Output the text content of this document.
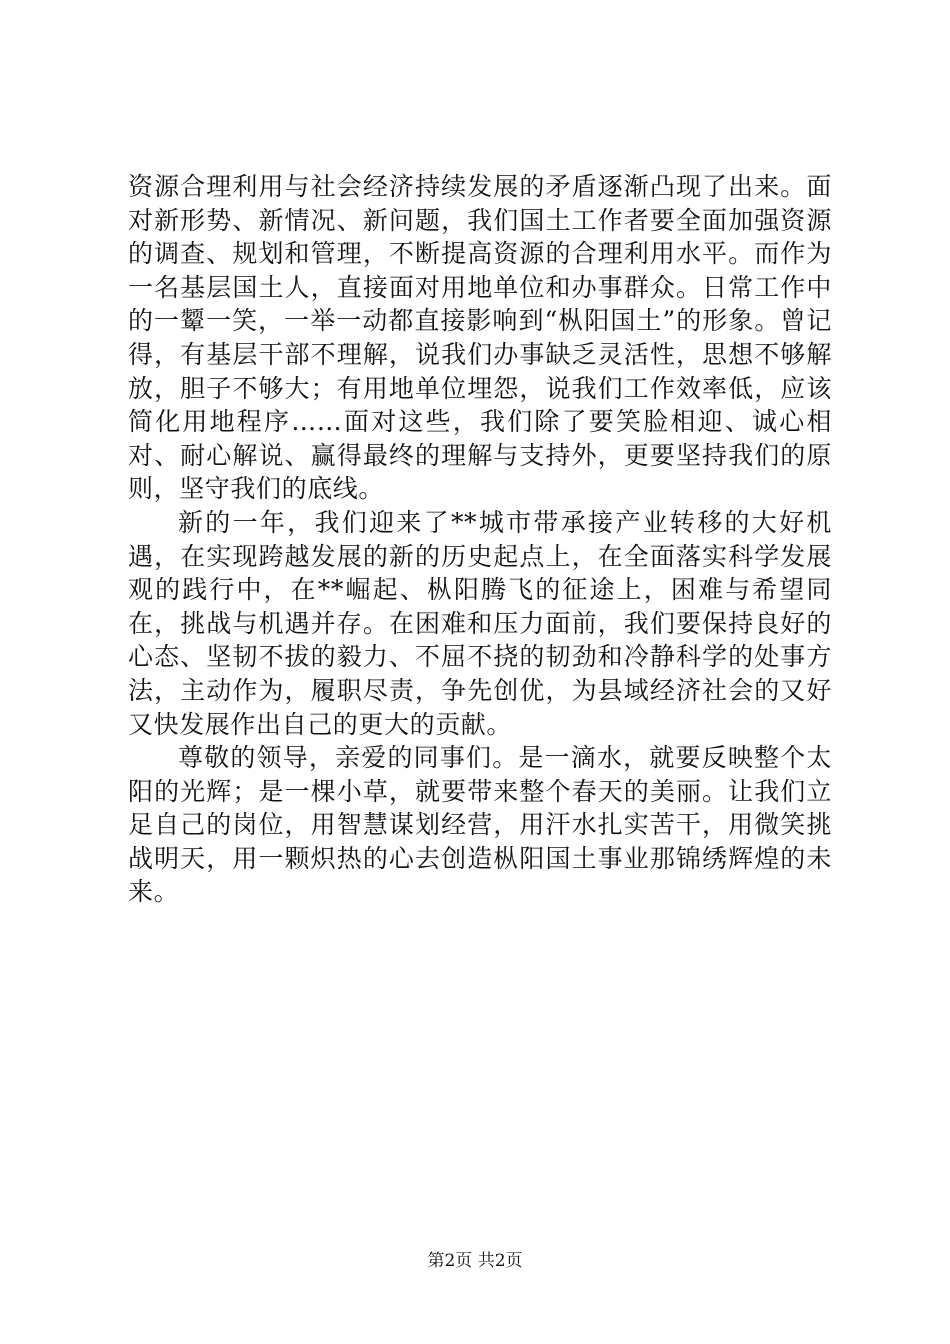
资源合理利用与社会经济持续发展的矛盾逐渐凸现了出来。面对新形势、新情况、新问题，我们国土工作者要全面加强资源的调查、规划和管理，不断提高资源的合理利用水平。而作为一名基层国土人，直接面对用地单位和办事群众。日常工作中的一颦一笑，一举一动都直接影响到“枞阳国土”的形象。曾记得，有基层干部不理解，说我们办事缺乏灵活性，思想不够解放，胆子不够大；有用地单位埋怨，说我们工作效率低，应该简化用地程序……面对这些，我们除了要笑脸相迎、诚心相对、耐心解说、赢得最终的理解与支持外，更要坚持我们的原则，坚守我们的底线。

新的一年，我们迎来了**城市带承接产业转移的大好机遇，在实现跨越发展的新的历史起点上，在全面落实科学发展观的践行中，在**崛起、枞阳腾飞的征途上，困难与希望同在，挑战与机遇并存。在困难和压力面前，我们要保持良好的心态、坚韧不拔的毅力、不屈不挠的韧劲和冷静科学的处事方法，主动作为，履职尽责，争先创优，为县域经济社会的又好又快发展作出自己的更大的贡献。

尊敬的领导，亲爱的同事们。是一滴水，就要反映整个太阳的光辉；是一棵小草，就要带来整个春天的美丽。让我们立足自己的岗位，用智慧谋划经营，用汗水扎实苦干，用微笑挑战明天，用一颗炽热的心去创造枞阳国土事业那锦绣辉煌的未来。

第2页 共2页
